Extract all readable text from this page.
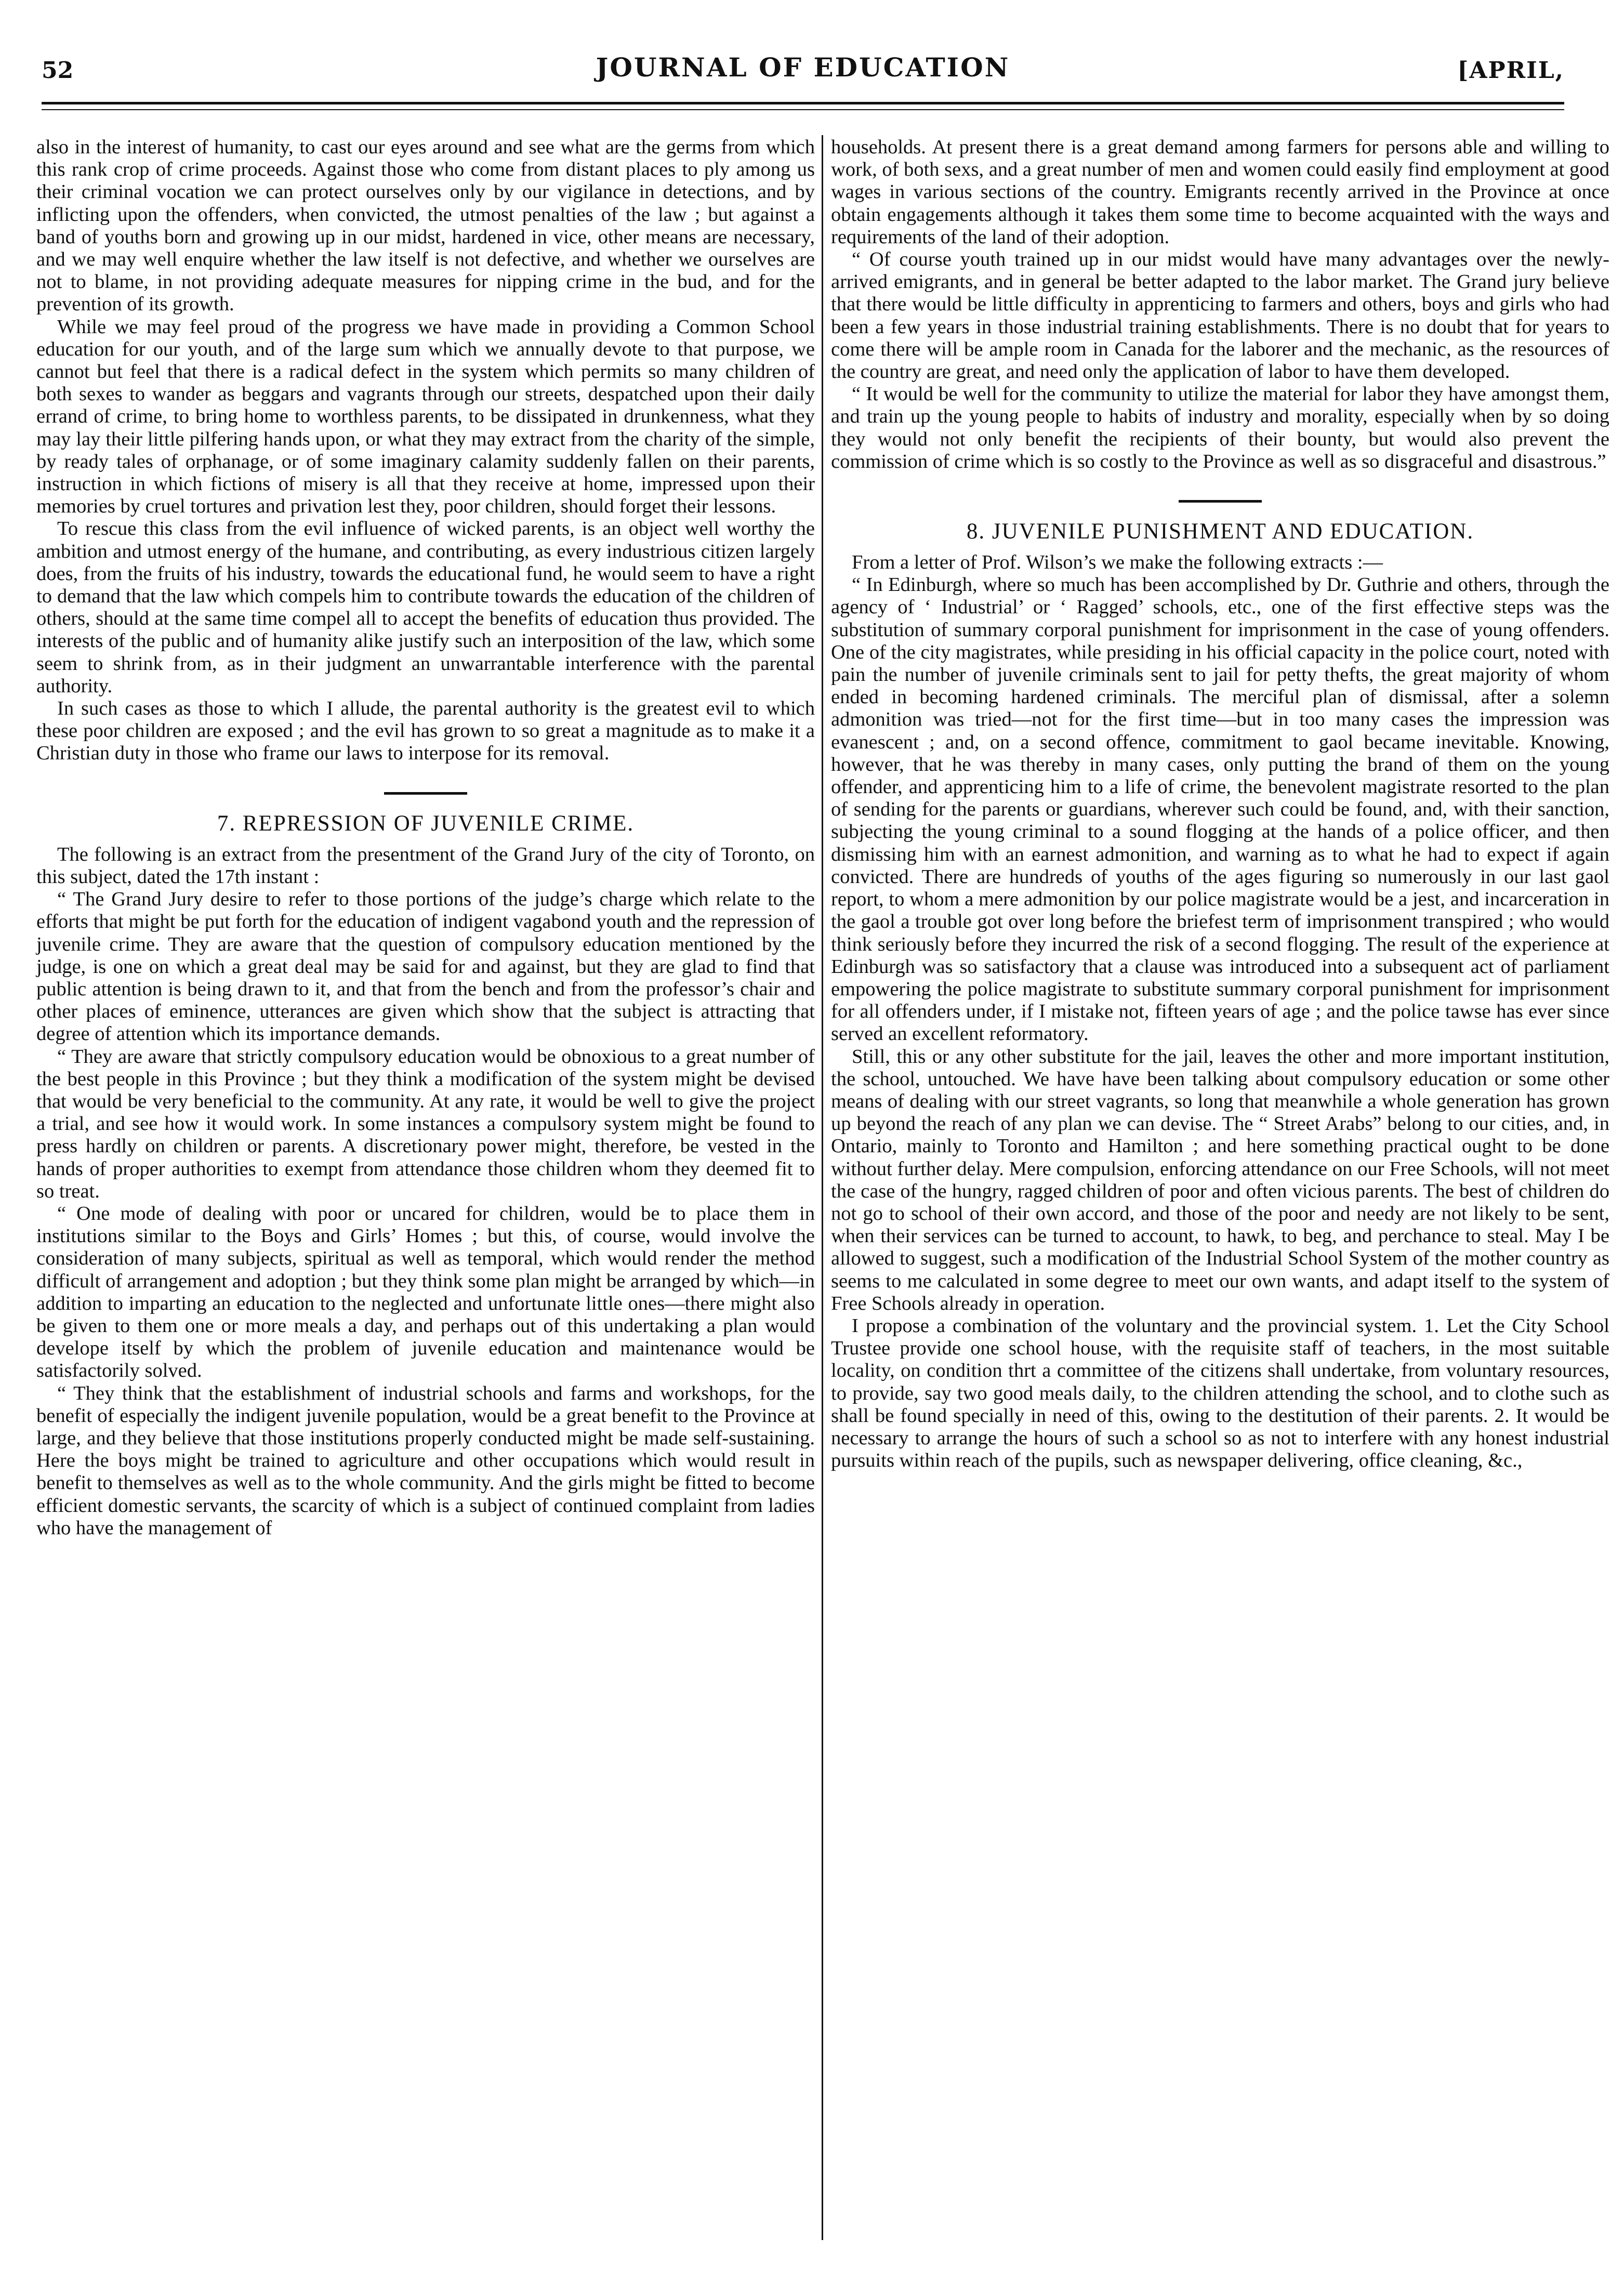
JOURNAL OF EDUCATION
52	[APRIL,

also in the interest of humanity, to cast our eyes around and see what are the germs from which this rank crop of crime proceeds. Against those who come from distant places to ply among us their criminal vocation we can protect ourselves only by our vigilance in detections, and by inflicting upon the offenders, when convicted, the utmost penalties of the law ; but against a band of youths born and growing up in our midst, hardened in vice, other means are necessary, and we may well enquire whether the law itself is not defective, and whether we ourselves are not to blame, in not providing adequate measures for nipping crime in the bud, and for the prevention of its growth.

While we may feel proud of the progress we have made in providing a Common School education for our youth, and of the large sum which we annually devote to that purpose, we cannot but feel that there is a radical defect in the system which permits so many children of both sexes to wander as beggars and vagrants through our streets, despatched upon their daily errand of crime, to bring home to worthless parents, to be dissipated in drunkenness, what they may lay their little pilfering hands upon, or what they may extract from the charity of the simple, by ready tales of orphanage, or of some imaginary calamity suddenly fallen on their parents, instruction in which fictions of misery is all that they receive at home, impressed upon their memories by cruel tortures and privation lest they, poor children, should forget their lessons.

To rescue this class from the evil influence of wicked parents, is an object well worthy the ambition and utmost energy of the humane, and contributing, as every industrious citizen largely does, from the fruits of his industry, towards the educational fund, he would seem to have a right to demand that the law which compels him to contribute towards the education of the children of others, should at the same time compel all to accept the benefits of education thus provided. The interests of the public and of humanity alike justify such an interposition of the law, which some seem to shrink from, as in their judgment an unwarrantable interference with the parental authority.

In such cases as those to which I allude, the parental authority is the greatest evil to which these poor children are exposed ; and the evil has grown to so great a magnitude as to make it a Christian duty in those who frame our laws to interpose for its removal.

7. REPRESSION OF JUVENILE CRIME.

The following is an extract from the presentment of the Grand Jury of the city of Toronto, on this subject, dated the 17th instant :

“ The Grand Jury desire to refer to those portions of the judge’s charge which relate to the efforts that might be put forth for the education of indigent vagabond youth and the repression of juvenile crime. They are aware that the question of compulsory education mentioned by the judge, is one on which a great deal may be said for and against, but they are glad to find that public attention is being drawn to it, and that from the bench and from the professor’s chair and other places of eminence, utterances are given which show that the subject is attracting that degree of attention which its importance demands.

“ They are aware that strictly compulsory education would be obnoxious to a great number of the best people in this Province ; but they think a modification of the system might be devised that would be very beneficial to the community. At any rate, it would be well to give the project a trial, and see how it would work. In some instances a compulsory system might be found to press hardly on children or parents. A discretionary power might, therefore, be vested in the hands of proper authorities to exempt from attendance those children whom they deemed fit to so treat.

“ One mode of dealing with poor or uncared for children, would be to place them in institutions similar to the Boys and Girls’ Homes ; but this, of course, would involve the consideration of many subjects, spiritual as well as temporal, which would render the method difficult of arrangement and adoption ; but they think some plan might be arranged by which—in addition to imparting an education to the neglected and unfortunate little ones—there might also be given to them one or more meals a day, and perhaps out of this undertaking a plan would develope itself by which the problem of juvenile education and maintenance would be satisfactorily solved.

“ They think that the establishment of industrial schools and farms and workshops, for the benefit of especially the indigent juvenile population, would be a great benefit to the Province at large, and they believe that those institutions properly conducted might be made self-sustaining. Here the boys might be trained to agriculture and other occupations which would result in benefit to themselves as well as to the whole community. And the girls might be fitted to become efficient domestic servants, the scarcity of which is a subject of continued complaint from ladies who have the management of

households. At present there is a great demand among farmers for persons able and willing to work, of both sexs, and a great number of men and women could easily find employment at good wages in various sections of the country. Emigrants recently arrived in the Province at once obtain engagements although it takes them some time to become acquainted with the ways and requirements of the land of their adoption.

“ Of course youth trained up in our midst would have many advantages over the newly-arrived emigrants, and in general be better adapted to the labor market. The Grand jury believe that there would be little difficulty in apprenticing to farmers and others, boys and girls who had been a few years in those industrial training establishments. There is no doubt that for years to come there will be ample room in Canada for the laborer and the mechanic, as the resources of the country are great, and need only the application of labor to have them developed.

“ It would be well for the community to utilize the material for labor they have amongst them, and train up the young people to habits of industry and morality, especially when by so doing they would not only benefit the recipients of their bounty, but would also prevent the commission of crime which is so costly to the Province as well as so disgraceful and disastrous.”

8. JUVENILE PUNISHMENT AND EDUCATION.

From a letter of Prof. Wilson’s we make the following extracts :—

“ In Edinburgh, where so much has been accomplished by Dr. Guthrie and others, through the agency of ‘ Industrial’ or ‘ Ragged’ schools, etc., one of the first effective steps was the substitution of summary corporal punishment for imprisonment in the case of young offenders. One of the city magistrates, while presiding in his official capacity in the police court, noted with pain the number of juvenile criminals sent to jail for petty thefts, the great majority of whom ended in becoming hardened criminals. The merciful plan of dismissal, after a solemn admonition was tried—not for the first time—but in too many cases the impression was evanescent ; and, on a second offence, commitment to gaol became inevitable. Knowing, however, that he was thereby in many cases, only putting the brand of them on the young offender, and apprenticing him to a life of crime, the benevolent magistrate resorted to the plan of sending for the parents or guardians, wherever such could be found, and, with their sanction, subjecting the young criminal to a sound flogging at the hands of a police officer, and then dismissing him with an earnest admonition, and warning as to what he had to expect if again convicted. There are hundreds of youths of the ages figuring so numerously in our last gaol report, to whom a mere admonition by our police magistrate would be a jest, and incarceration in the gaol a trouble got over long before the briefest term of imprisonment transpired ; who would think seriously before they incurred the risk of a second flogging. The result of the experience at Edinburgh was so satisfactory that a clause was introduced into a subsequent act of parliament empowering the police magistrate to substitute summary corporal punishment for imprisonment for all offenders under, if I mistake not, fifteen years of age ; and the police tawse has ever since served an excellent reformatory.

Still, this or any other substitute for the jail, leaves the other and more important institution, the school, untouched. We have have been talking about compulsory education or some other means of dealing with our street vagrants, so long that meanwhile a whole generation has grown up beyond the reach of any plan we can devise. The “ Street Arabs” belong to our cities, and, in Ontario, mainly to Toronto and Hamilton ; and here something practical ought to be done without further delay. Mere compulsion, enforcing attendance on our Free Schools, will not meet the case of the hungry, ragged children of poor and often vicious parents. The best of children do not go to school of their own accord, and those of the poor and needy are not likely to be sent, when their services can be turned to account, to hawk, to beg, and perchance to steal. May I be allowed to suggest, such a modification of the Industrial School System of the mother country as seems to me calculated in some degree to meet our own wants, and adapt itself to the system of Free Schools already in operation.

I propose a combination of the voluntary and the provincial system. 1. Let the City School Trustee provide one school house, with the requisite staff of teachers, in the most suitable locality, on condition thrt a committee of the citizens shall undertake, from voluntary resources, to provide, say two good meals daily, to the children attending the school, and to clothe such as shall be found specially in need of this, owing to the destitution of their parents. 2. It would be necessary to arrange the hours of such a school so as not to interfere with any honest industrial pursuits within reach of the pupils, such as newspaper delivering, office cleaning, &c.,
